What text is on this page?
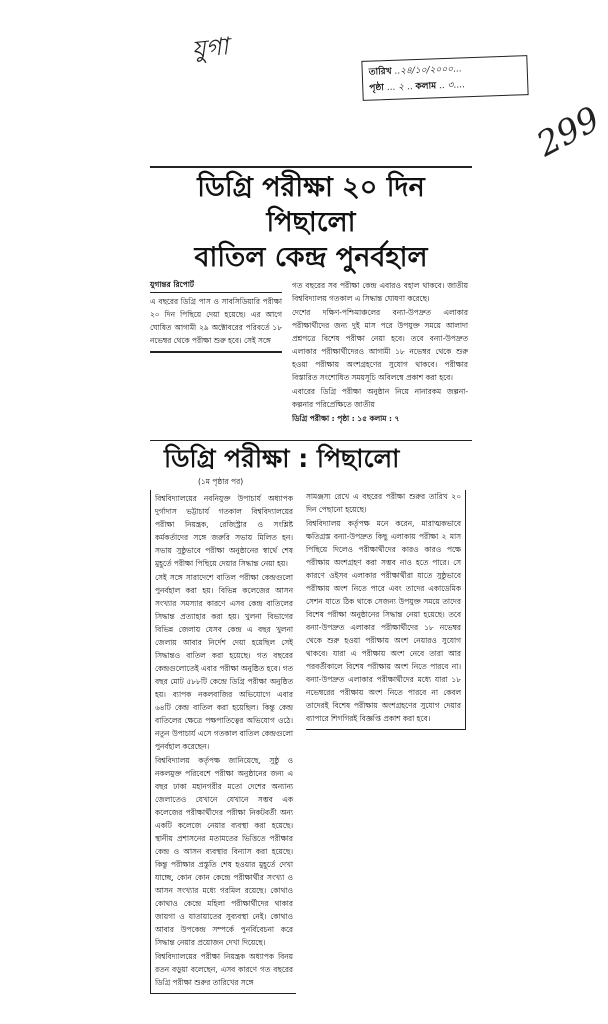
যুগা
299
তারিখ ..২৪/১০/২০০০...
পৃষ্ঠা ... ২ .. কলাম .. ৩....
ডিগ্রি পরীক্ষা ২০ দিন পিছালো
বাতিল কেন্দ্র পুনর্বহাল
যুগান্তর রিপোর্ট
এ বছরের ডিগ্রি পাস ও সাবসিডিয়ারি পরীক্ষা ২০ দিন পিছিয়ে দেয়া হয়েছে। এর আগে ঘোষিত আগামী ২৯ অক্টোবরের পরিবর্তে ১৮ নভেম্বর থেকে পরীক্ষা শুরু হবে। সেই সঙ্গে

গত বছরের সব পরীক্ষা কেন্দ্র এবারও বহাল থাকবে। জাতীয় বিশ্ববিদ্যালয় গতকাল এ সিদ্ধান্ত ঘোষণা করেছে।

দেশের দক্ষিণ-পশ্চিমাঞ্চলের বন্যা-উপদ্রুত এলাকার পরীক্ষার্থীদের জন্য দুই মাস পরে উপযুক্ত সময়ে আলাদা প্রশ্নপত্রে বিশেষ পরীক্ষা নেয়া হবে। তবে বন্যা-উপদ্রুত এলাকার পরীক্ষার্থীদেরও আগামী ১৮ নভেম্বর থেকে শুরু হওয়া পরীক্ষায় অংশগ্রহণের সুযোগ থাকবে। পরীক্ষার বিস্তারিত সংশোধিত সময়সূচি অবিলম্বে প্রকাশ করা হবে।

এবারের ডিগ্রি পরীক্ষা অনুষ্ঠান নিয়ে নানারকম জল্পনা-কল্পনার পরিপ্রেক্ষিতে জাতীয়

ডিগ্রি পরীক্ষা : পৃষ্ঠা : ১৫ কলাম : ৭

ডিগ্রি পরীক্ষা : পিছালো
(১ম পৃষ্ঠার পর)

বিশ্ববিদ্যালয়ের নবনিযুক্ত উপাচার্য অধ্যাপক দুর্গাদাস ভট্টাচার্য গতকাল বিশ্ববিদ্যালয়ের পরীক্ষা নিয়ন্ত্রক, রেজিস্ট্রার ও সংশ্লিষ্ট কর্মকর্তাদের সঙ্গে জরুরি সভায় মিলিত হন। সভায় সুষ্ঠুভাবে পরীক্ষা অনুষ্ঠানের স্বার্থে শেষ মুহূর্তে পরীক্ষা পিছিয়ে দেয়ার সিদ্ধান্ত নেয়া হয়।

সেই সঙ্গে সারাদেশে বাতিল পরীক্ষা কেন্দ্রগুলো পুনর্বহাল করা হয়। বিভিন্ন কলেজের আসন সংখ্যার সমস্যার কারণে এসব কেন্দ্র বাতিলের সিদ্ধান্ত প্রত্যাহার করা হয়। খুলনা বিভাগের বিভিন্ন জেলায় যেসব কেন্দ্র এ বছর খুলনা জেলায় আবার নির্দেশ দেয়া হয়েছিল সেই সিদ্ধান্তও বাতিল করা হয়েছে। গত বছরের কেন্দ্রগুলোতেই এবার পরীক্ষা অনুষ্ঠিত হবে। গত বছর মোট ৫৮৮টি কেন্দ্রে ডিগ্রি পরীক্ষা অনুষ্ঠিত হয়। ব্যাপক নকলবাজির অভিযোগে এবার ৬৪টি কেন্দ্র বাতিল করা হয়েছিল। কিন্তু কেন্দ্র বাতিলের ক্ষেত্রে পক্ষপাতিত্বের অভিযোগ ওঠে। নতুন উপাচার্য এসে গতকাল বাতিল কেন্দ্রগুলো পুনর্বহাল করেছেন।

বিশ্ববিদ্যালয় কর্তৃপক্ষ জানিয়েছে, সুষ্ঠু ও নকলমুক্ত পরিবেশে পরীক্ষা অনুষ্ঠানের জন্য এ বছর ঢাকা মহানগরীর মতো দেশের অন্যান্য জেলাতেও যেখানে যেখানে সম্ভব এক কলেজের পরীক্ষার্থীদের পরীক্ষা নিকটবর্তী অন্য একটি কলেজে নেয়ার ব্যবস্থা করা হয়েছে। স্থানীয় প্রশাসনের মতামতের ভিত্তিতে পরীক্ষার কেন্দ্র ও আসন ব্যবস্থার বিন্যাস করা হয়েছে। কিন্তু পরীক্ষার প্রস্তুতি শেষ হওয়ার মুহূর্তে দেখা যাচ্ছে, কোন কোন কেন্দ্রে পরীক্ষার্থীর সংখ্যা ও আসন সংখ্যার মধ্যে গরমিল রয়েছে। কোথাও কোথাও কেন্দ্রে মহিলা পরীক্ষার্থীদের থাকার জায়গা ও যাতায়াতের সুব্যবস্থা নেই। কোথাও আবার উপকেন্দ্র সম্পর্কে পুনর্বিবেচনা করে সিদ্ধান্ত নেয়ার প্রয়োজন দেখা দিয়েছে।

বিশ্ববিদ্যালয়ের পরীক্ষা নিয়ন্ত্রক অধ্যাপক বিনয় রতন বড়ুয়া বলেছেন, এসব কারণে গত বছরের ডিগ্রি পরীক্ষা শুরুর তারিখের সঙ্গে

সামঞ্জস্য রেখে এ বছরের পরীক্ষা শুরুর তারিখ ২০ দিন পেছানো হয়েছে।

বিশ্ববিদ্যালয় কর্তৃপক্ষ মনে করেন, মারাত্মকভাবে ক্ষতিগ্রস্ত বন্যা-উপদ্রুত কিছু এলাকায় পরীক্ষা ২ মাস পিছিয়ে দিলেও পরীক্ষার্থীদের কারও কারও পক্ষে পরীক্ষায় অংশগ্রহণ করা সম্ভব নাও হতে পারে। সে কারণে ওইসব এলাকার পরীক্ষার্থীরা যাতে সুষ্ঠুভাবে পরীক্ষায় অংশ নিতে পারে এবং তাদের একাডেমিক সেশন যাতে ঠিক থাকে সেজন্য উপযুক্ত সময়ে তাদের বিশেষ পরীক্ষা অনুষ্ঠানের সিদ্ধান্ত নেয়া হয়েছে। তবে বন্যা-উপদ্রুত এলাকার পরীক্ষার্থীদের ১৮ নভেম্বর থেকে শুরু হওয়া পরীক্ষায় অংশ নেয়ারও সুযোগ থাকবে। যারা এ পরীক্ষায় অংশ নেবে তারা আর পরবর্তীকালে বিশেষ পরীক্ষায় অংশ নিতে পারবে না। বন্যা-উপদ্রুত এলাকার পরীক্ষার্থীদের মধ্যে যারা ১৮ নভেম্বরের পরীক্ষায় অংশ নিতে পারবে না কেবল তাদেরই বিশেষ পরীক্ষায় অংশগ্রহণের সুযোগ দেয়ার ব্যাপারে শিগগিরই বিজ্ঞপ্তি প্রকাশ করা হবে।
